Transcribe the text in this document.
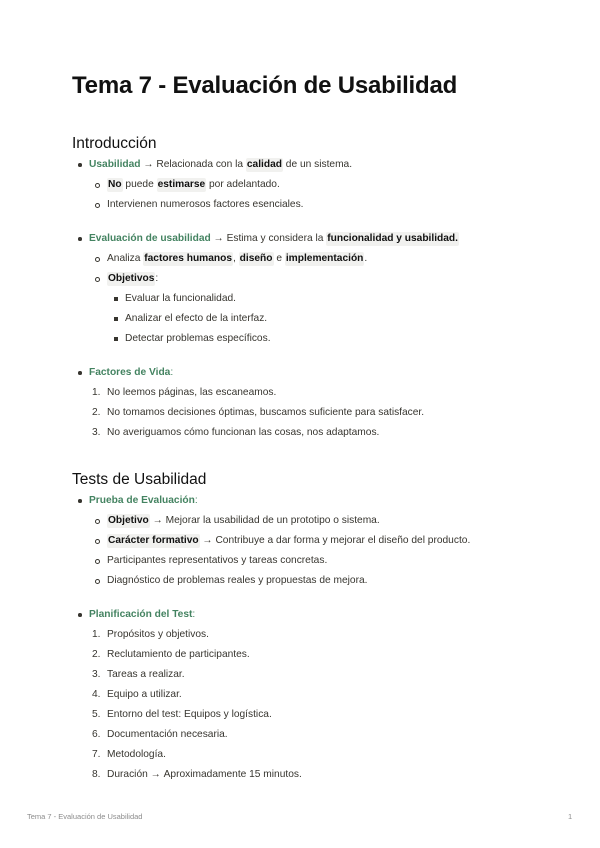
Tema 7 - Evaluación de Usabilidad
Introducción
Usabilidad → Relacionada con la calidad de un sistema.
No puede estimarse por adelantado.
Intervienen numerosos factores esenciales.
Evaluación de usabilidad → Estima y considera la funcionalidad y usabilidad.
Analiza factores humanos , diseño e implementación .
Objetivos :
Evaluar la funcionalidad.
Analizar el efecto de la interfaz.
Detectar problemas específicos.
Factores de Vida :
1. No leemos páginas, las escaneamos.
2. No tomamos decisiones óptimas, buscamos suficiente para satisfacer.
3. No averiguamos cómo funcionan las cosas, nos adaptamos.
Tests de Usabilidad
Prueba de Evaluación :
Objetivo → Mejorar la usabilidad de un prototipo o sistema.
Carácter formativo → Contribuye a dar forma y mejorar el diseño del producto.
Participantes representativos y tareas concretas.
Diagnóstico de problemas reales y propuestas de mejora.
Planificación del Test :
1. Propósitos y objetivos.
2. Reclutamiento de participantes.
3. Tareas a realizar.
4. Equipo a utilizar.
5. Entorno del test: Equipos y logística.
6. Documentación necesaria.
7. Metodología.
8. Duración → Aproximadamente 15 minutos.
Tema 7 - Evaluación de Usabilidad	1
